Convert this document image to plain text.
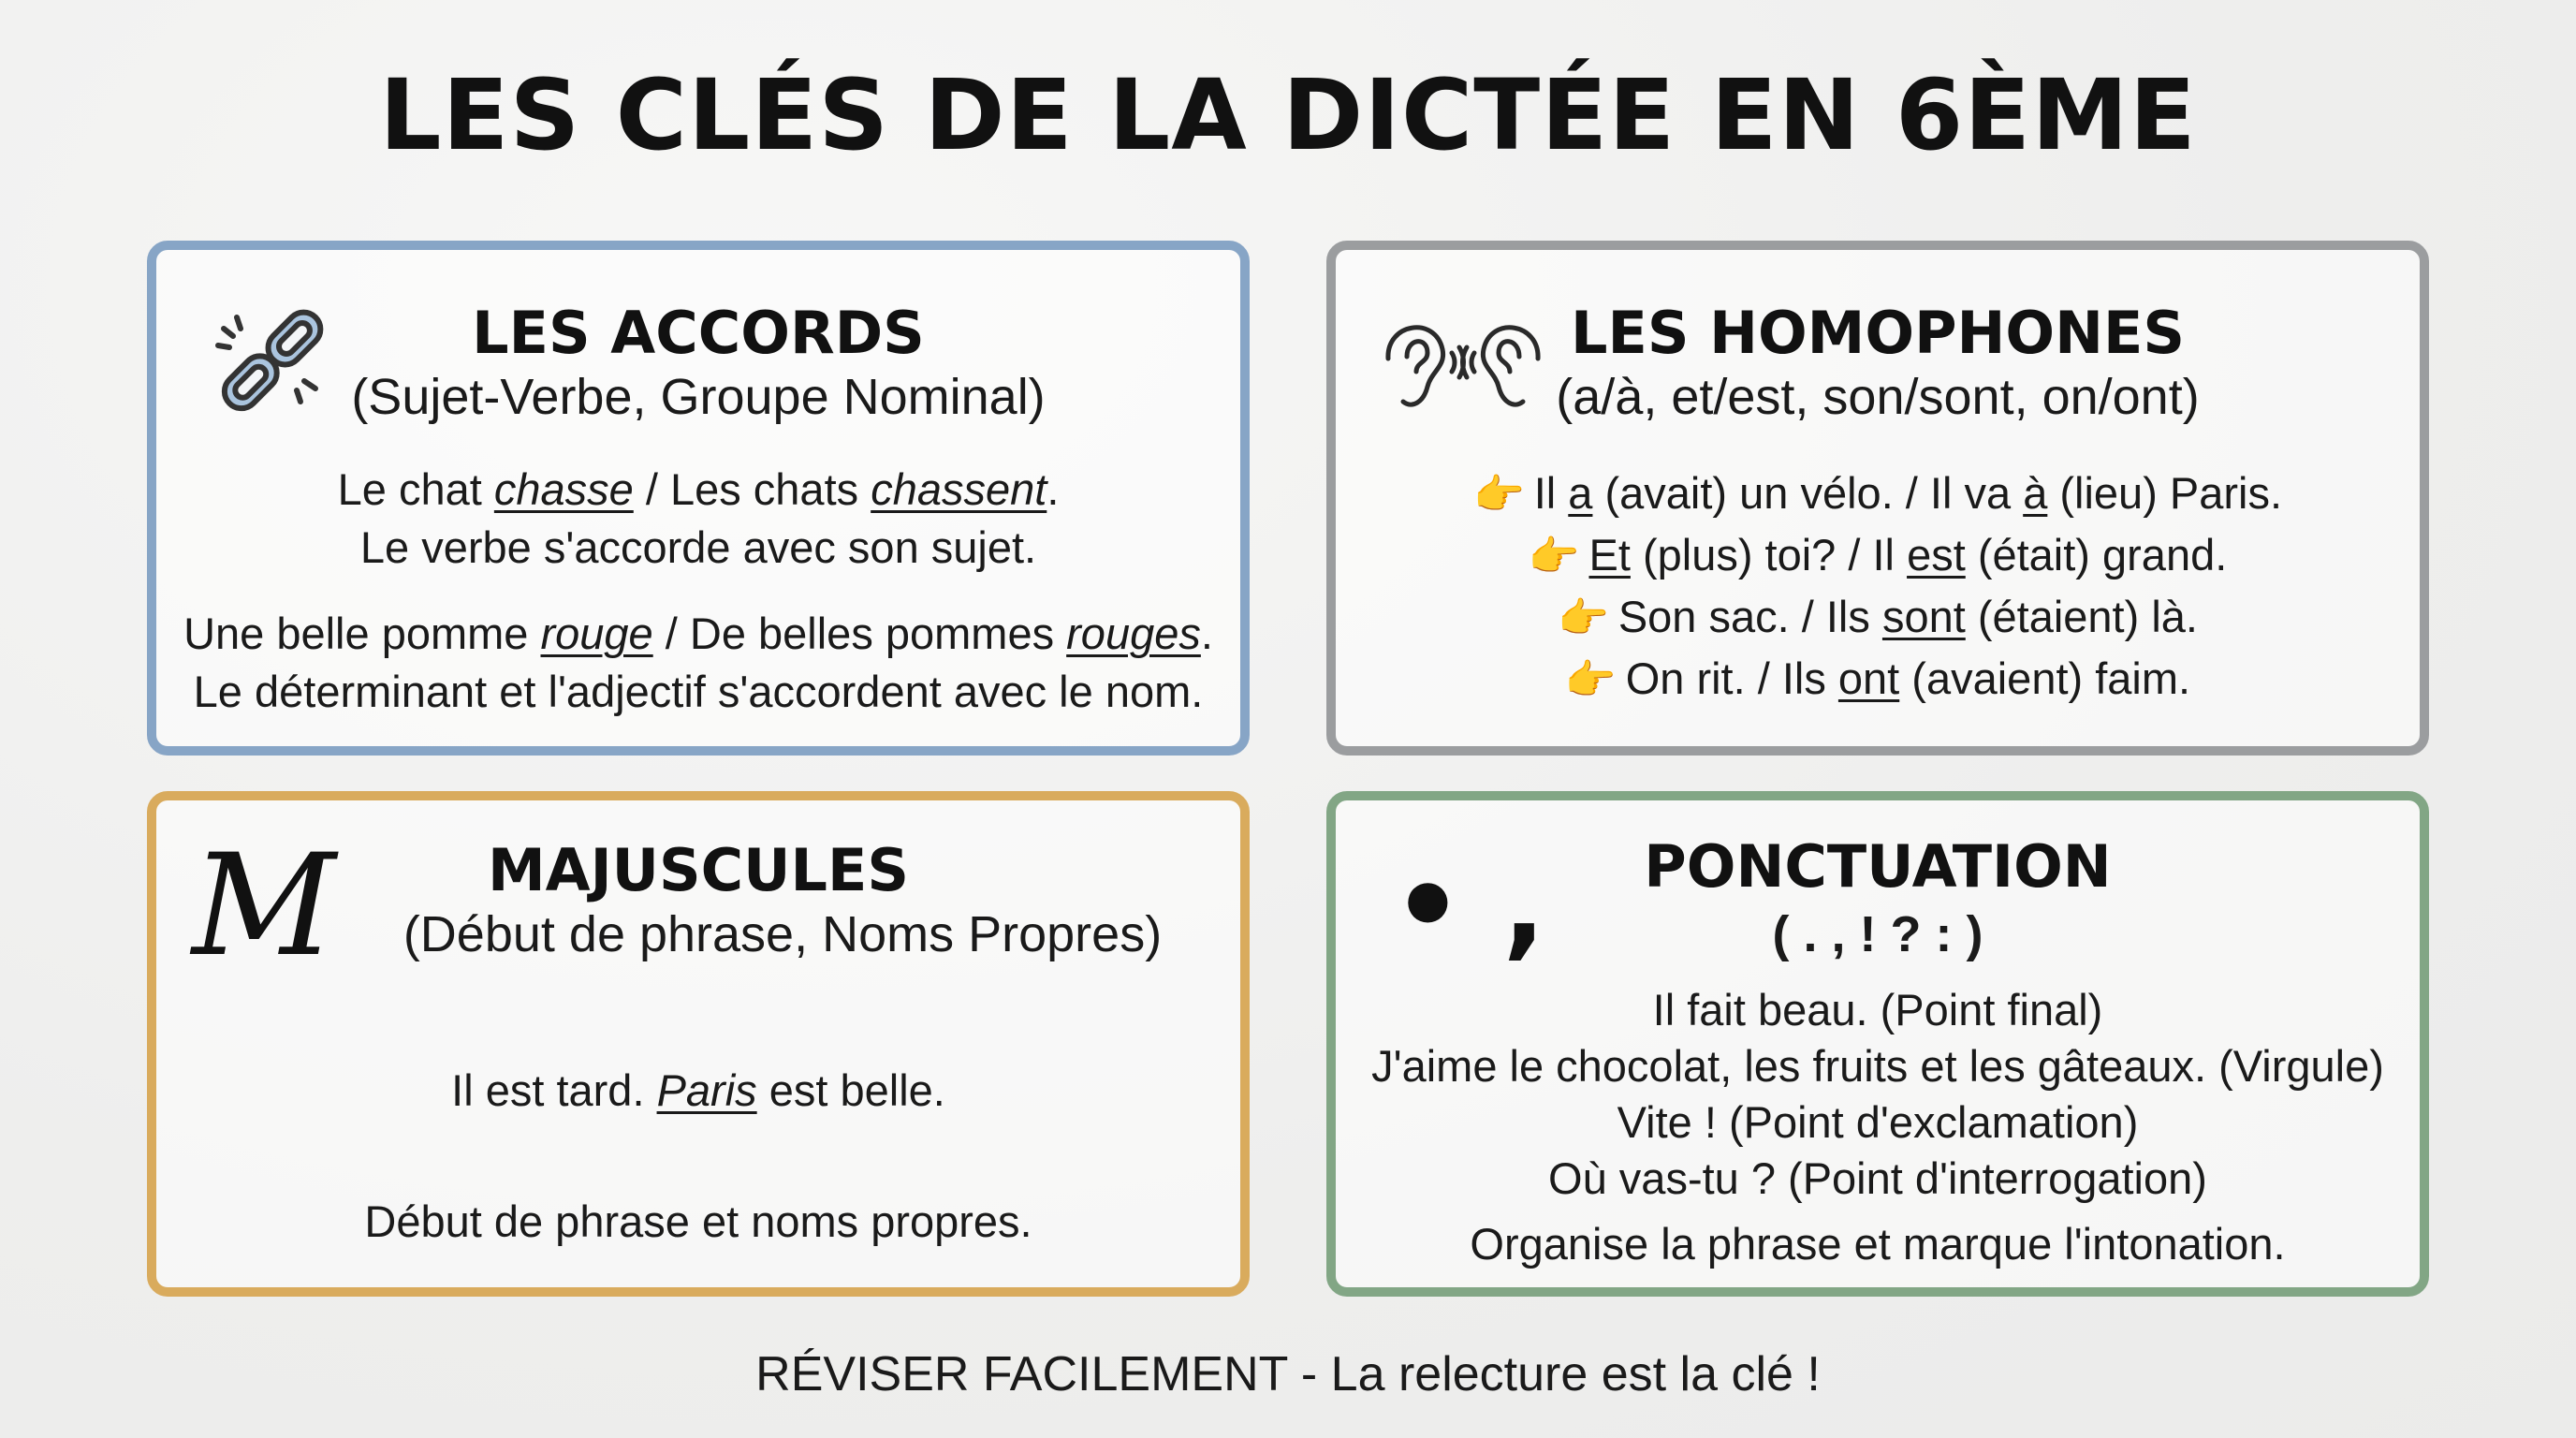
LES CLÉS DE LA DICTÉE EN 6ÈME
LES ACCORDS
(Sujet-Verbe, Groupe Nominal)
Le chat chasse / Les chats chassent.
Le verbe s'accorde avec son sujet.
Une belle pomme rouge / De belles pommes rouges.
Le déterminant et l'adjectif s'accordent avec le nom.
LES HOMOPHONES
(a/à, et/est, son/sont, on/ont)
👉 Il a (avait) un vélo. / Il va à (lieu) Paris.
👉 Et (plus) toi? / Il est (était) grand.
👉 Son sac. / Ils sont (étaient) là.
👉 On rit. / Ils ont (avaient) faim.
M	MAJUSCULES
(Début de phrase, Noms Propres)
Il est tard. Paris est belle.
Début de phrase et noms propres.
• ,	PONCTUATION
( . , ! ? : )
Il fait beau. (Point final)
J'aime le chocolat, les fruits et les gâteaux. (Virgule)
Vite ! (Point d'exclamation)
Où vas-tu ? (Point d'interrogation)
Organise la phrase et marque l'intonation.
RÉVISER FACILEMENT - La relecture est la clé !
